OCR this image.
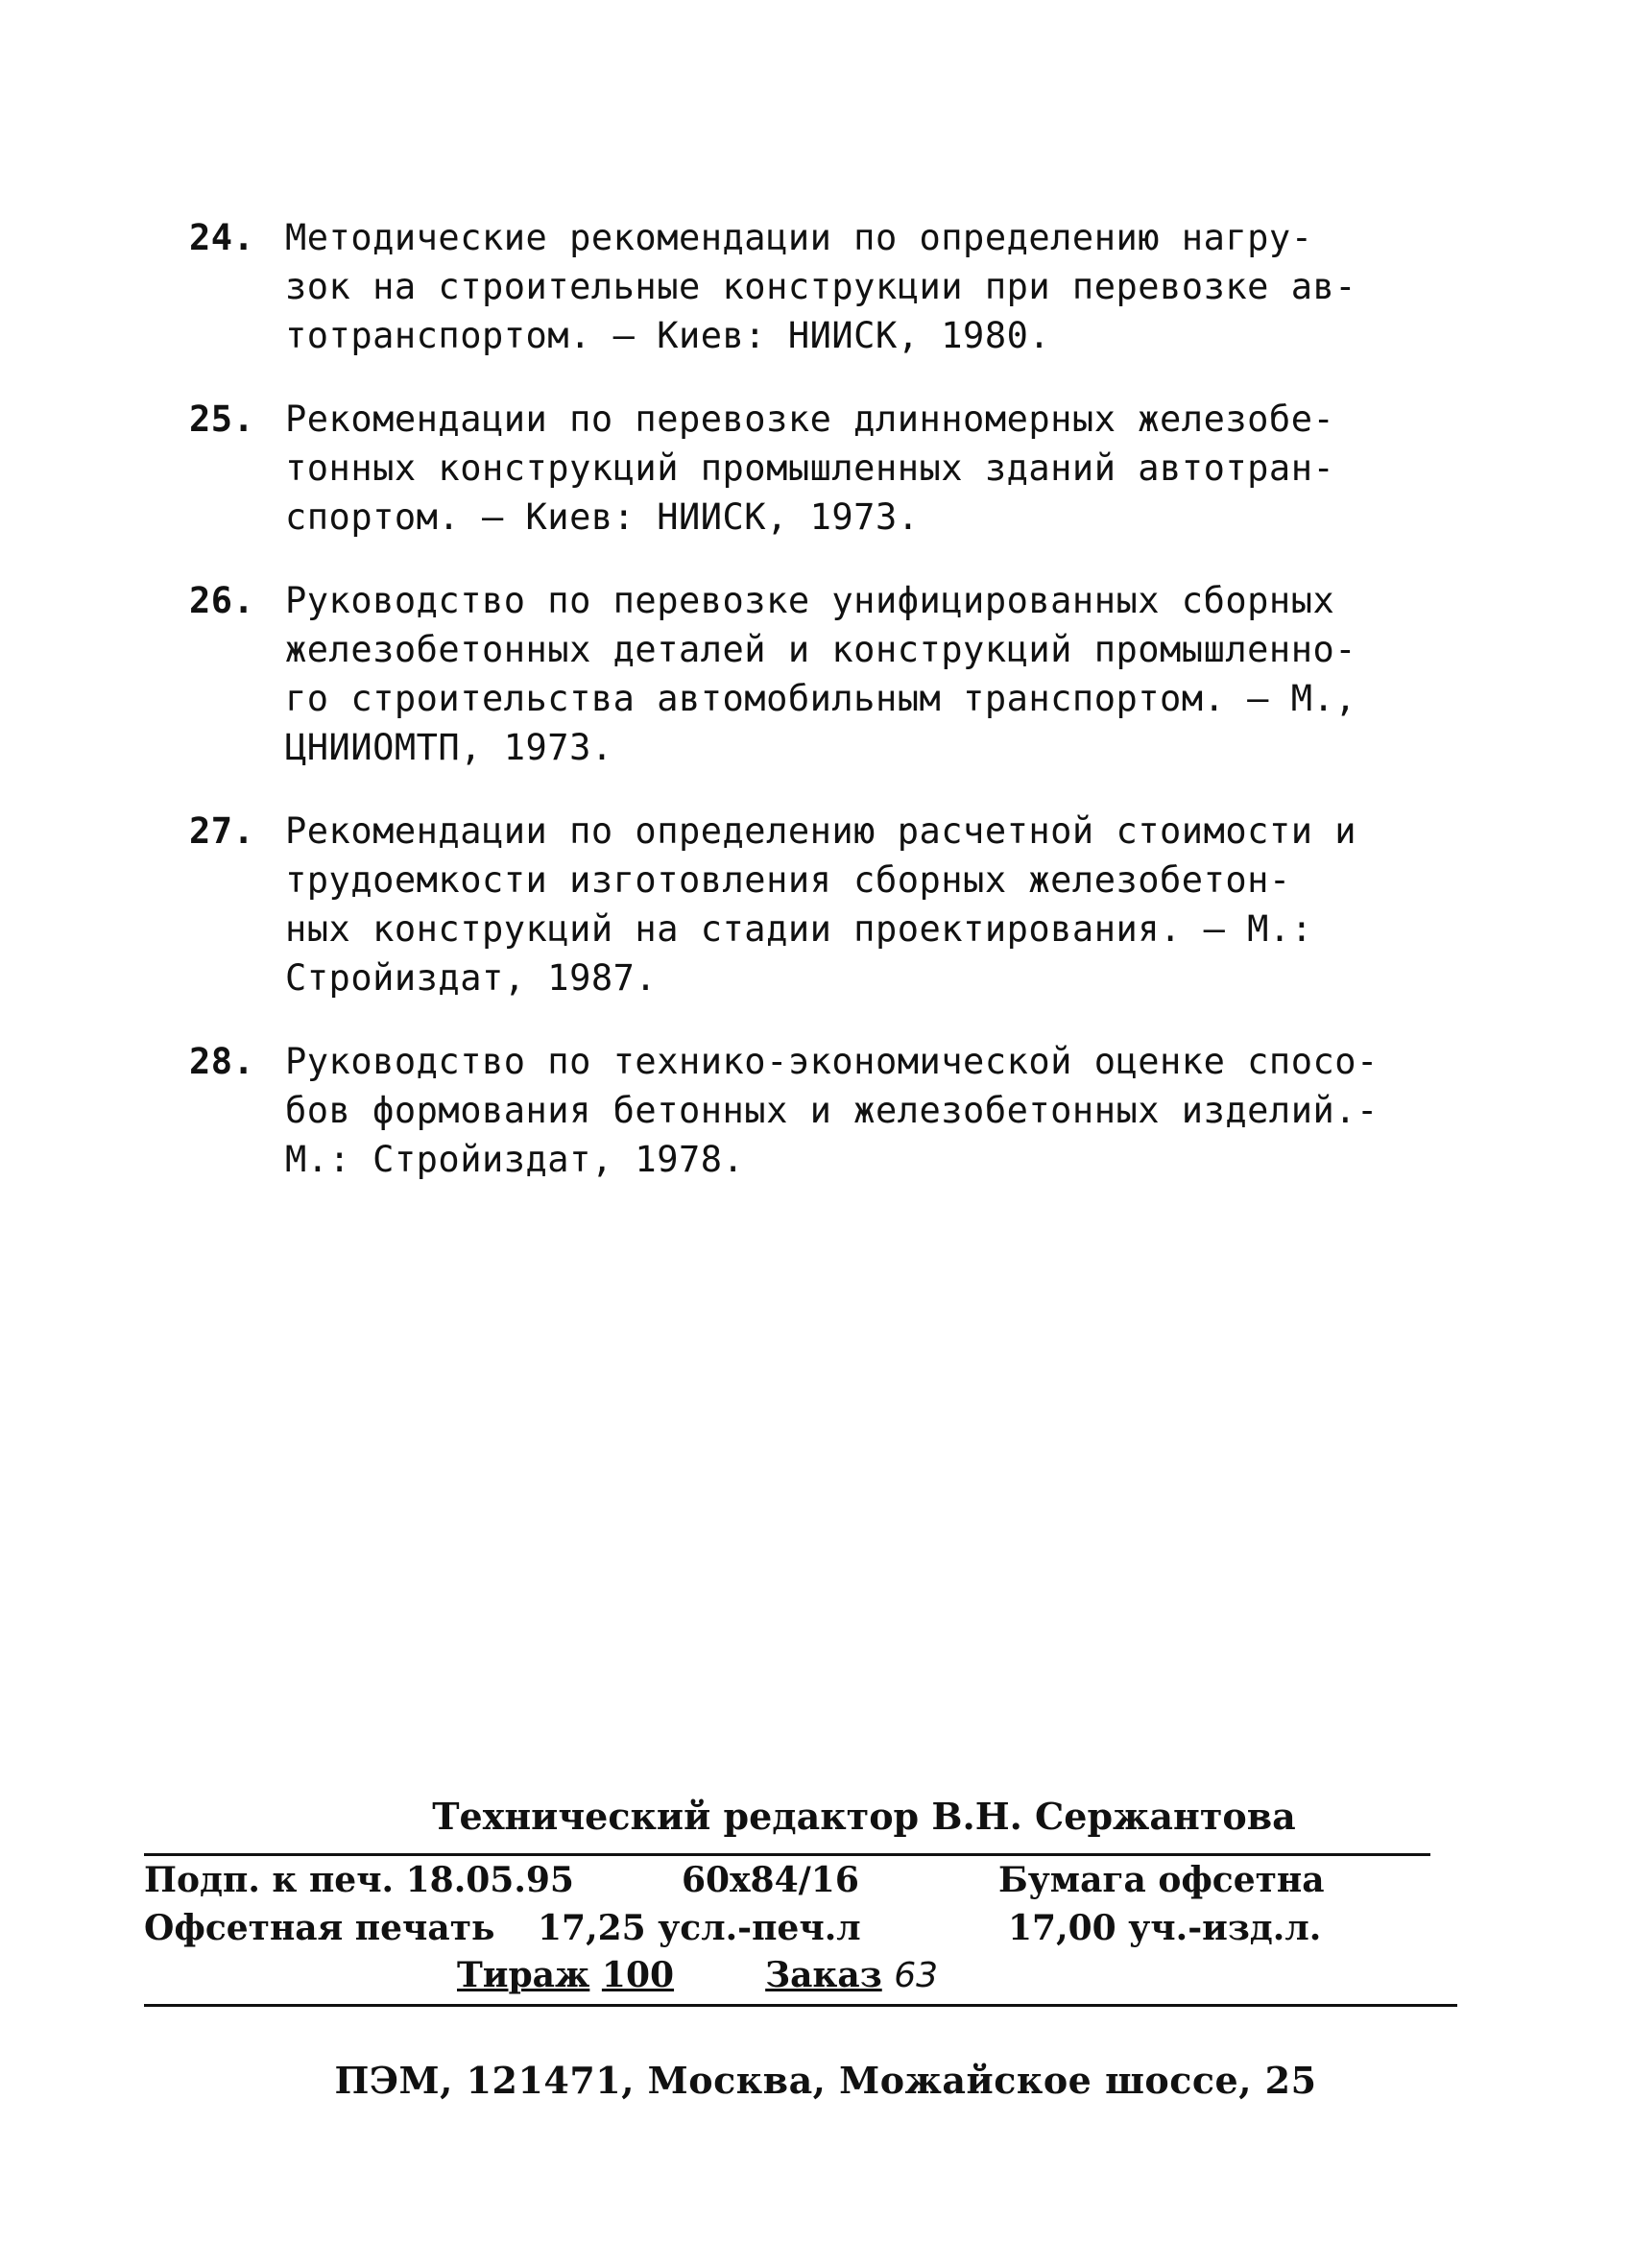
24. Методические рекомендации по определению нагру-
зок на строительные конструкции при перевозке ав-
тотранспортом. – Киев: НИИСК, 1980.
25. Рекомендации по перевозке длинномерных железобе-
тонных конструкций промышленных зданий автотран-
спортом. – Киев: НИИСК, 1973.
26. Руководство по перевозке унифицированных сборных
железобетонных деталей и конструкций промышленно-
го строительства автомобильным транспортом. – М.,
ЦНИИОМТП, 1973.
27. Рекомендации по определению расчетной стоимости и
трудоемкости изготовления сборных железобетон-
ных конструкций на стадии проектирования. – М.:
Стройиздат, 1987.
28. Руководство по технико-экономической оценке спосо-
бов формования бетонных и железобетонных изделий.-
М.: Стройиздат, 1978.
Технический редактор В.Н. Сержантова
Подп. к печ. 18.05.95	60x84/16	Бумага офсетна
Офсетная печать	17,25 усл.-печ.л	17,00 уч.-изд.л.
Тираж 100	Заказ 63
ПЭМ, 121471, Москва, Можайское шоссе, 25
